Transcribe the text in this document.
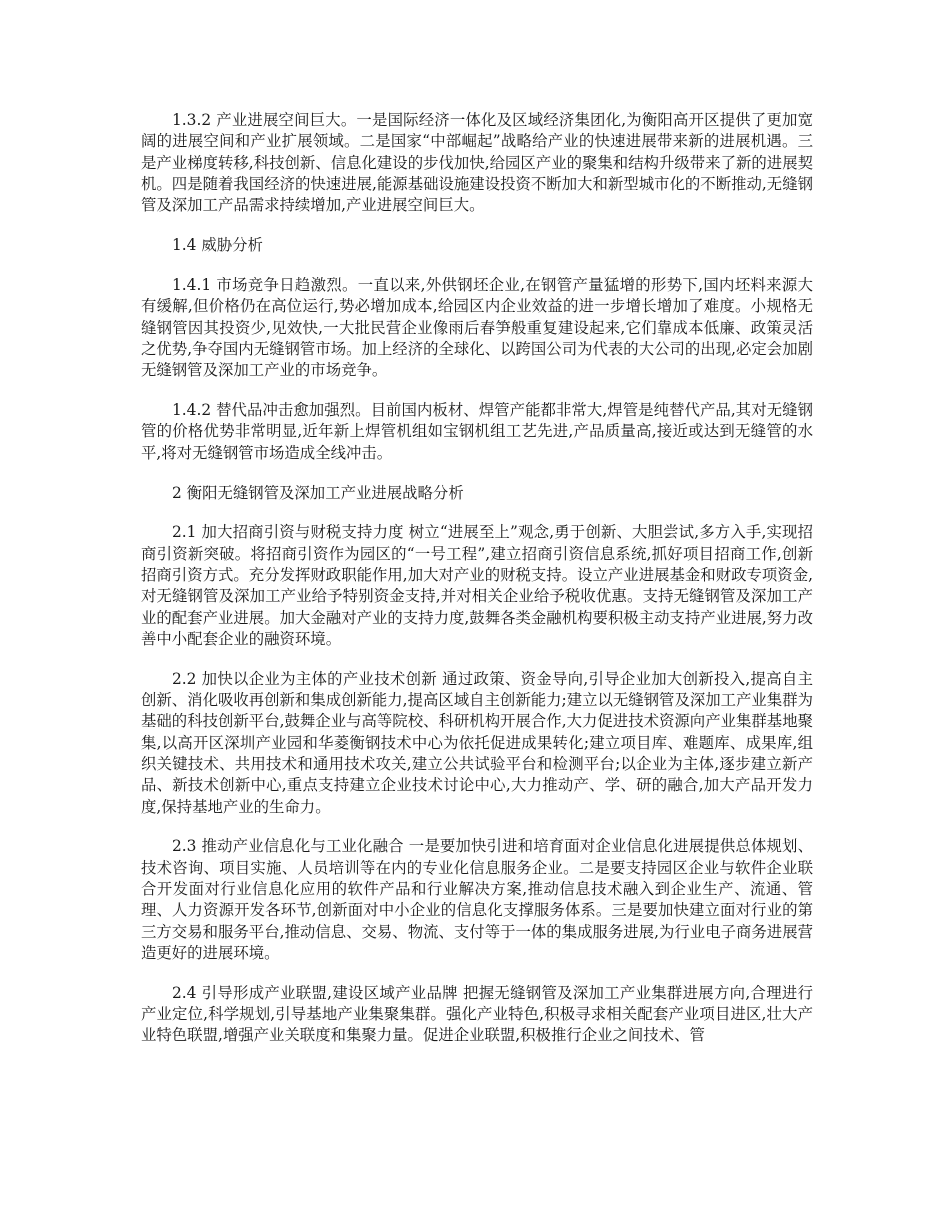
1.3.2 产业进展空间巨大。一是国际经济一体化及区域经济集团化,为衡阳高开区提供了更加宽阔的进展空间和产业扩展领域。二是国家“中部崛起”战略给产业的快速进展带来新的进展机遇。三是产业梯度转移,科技创新、信息化建设的步伐加快,给园区产业的聚集和结构升级带来了新的进展契机。四是随着我国经济的快速进展,能源基础设施建设投资不断加大和新型城市化的不断推动,无缝钢管及深加工产品需求持续增加,产业进展空间巨大。

1.4 威胁分析

1.4.1 市场竞争日趋激烈。一直以来,外供钢坯企业,在钢管产量猛增的形势下,国内坯料来源大有缓解,但价格仍在高位运行,势必增加成本,给园区内企业效益的进一步增长增加了难度。小规格无缝钢管因其投资少,见效快,一大批民营企业像雨后春笋般重复建设起来,它们靠成本低廉、政策灵活之优势,争夺国内无缝钢管市场。加上经济的全球化、以跨国公司为代表的大公司的出现,必定会加剧无缝钢管及深加工产业的市场竞争。

1.4.2 替代品冲击愈加强烈。目前国内板材、焊管产能都非常大,焊管是纯替代产品,其对无缝钢管的价格优势非常明显,近年新上焊管机组如宝钢机组工艺先进,产品质量高,接近或达到无缝管的水平,将对无缝钢管市场造成全线冲击。

2 衡阳无缝钢管及深加工产业进展战略分析

2.1 加大招商引资与财税支持力度 树立“进展至上”观念,勇于创新、大胆尝试,多方入手,实现招商引资新突破。将招商引资作为园区的“一号工程”,建立招商引资信息系统,抓好项目招商工作,创新招商引资方式。充分发挥财政职能作用,加大对产业的财税支持。设立产业进展基金和财政专项资金,对无缝钢管及深加工产业给予特别资金支持,并对相关企业给予税收优惠。支持无缝钢管及深加工产业的配套产业进展。加大金融对产业的支持力度,鼓舞各类金融机构要积极主动支持产业进展,努力改善中小配套企业的融资环境。

2.2 加快以企业为主体的产业技术创新 通过政策、资金导向,引导企业加大创新投入,提高自主创新、消化吸收再创新和集成创新能力,提高区域自主创新能力;建立以无缝钢管及深加工产业集群为基础的科技创新平台,鼓舞企业与高等院校、科研机构开展合作,大力促进技术资源向产业集群基地聚集,以高开区深圳产业园和华菱衡钢技术中心为依托促进成果转化;建立项目库、难题库、成果库,组织关键技术、共用技术和通用技术攻关,建立公共试验平台和检测平台;以企业为主体,逐步建立新产品、新技术创新中心,重点支持建立企业技术讨论中心,大力推动产、学、研的融合,加大产品开发力度,保持基地产业的生命力。

2.3 推动产业信息化与工业化融合 一是要加快引进和培育面对企业信息化进展提供总体规划、技术咨询、项目实施、人员培训等在内的专业化信息服务企业。二是要支持园区企业与软件企业联合开发面对行业信息化应用的软件产品和行业解决方案,推动信息技术融入到企业生产、流通、管理、人力资源开发各环节,创新面对中小企业的信息化支撑服务体系。三是要加快建立面对行业的第三方交易和服务平台,推动信息、交易、物流、支付等于一体的集成服务进展,为行业电子商务进展营造更好的进展环境。

2.4 引导形成产业联盟,建设区域产业品牌 把握无缝钢管及深加工产业集群进展方向,合理进行产业定位,科学规划,引导基地产业集聚集群。强化产业特色,积极寻求相关配套产业项目进区,壮大产业特色联盟,增强产业关联度和集聚力量。促进企业联盟,积极推行企业之间技术、管
